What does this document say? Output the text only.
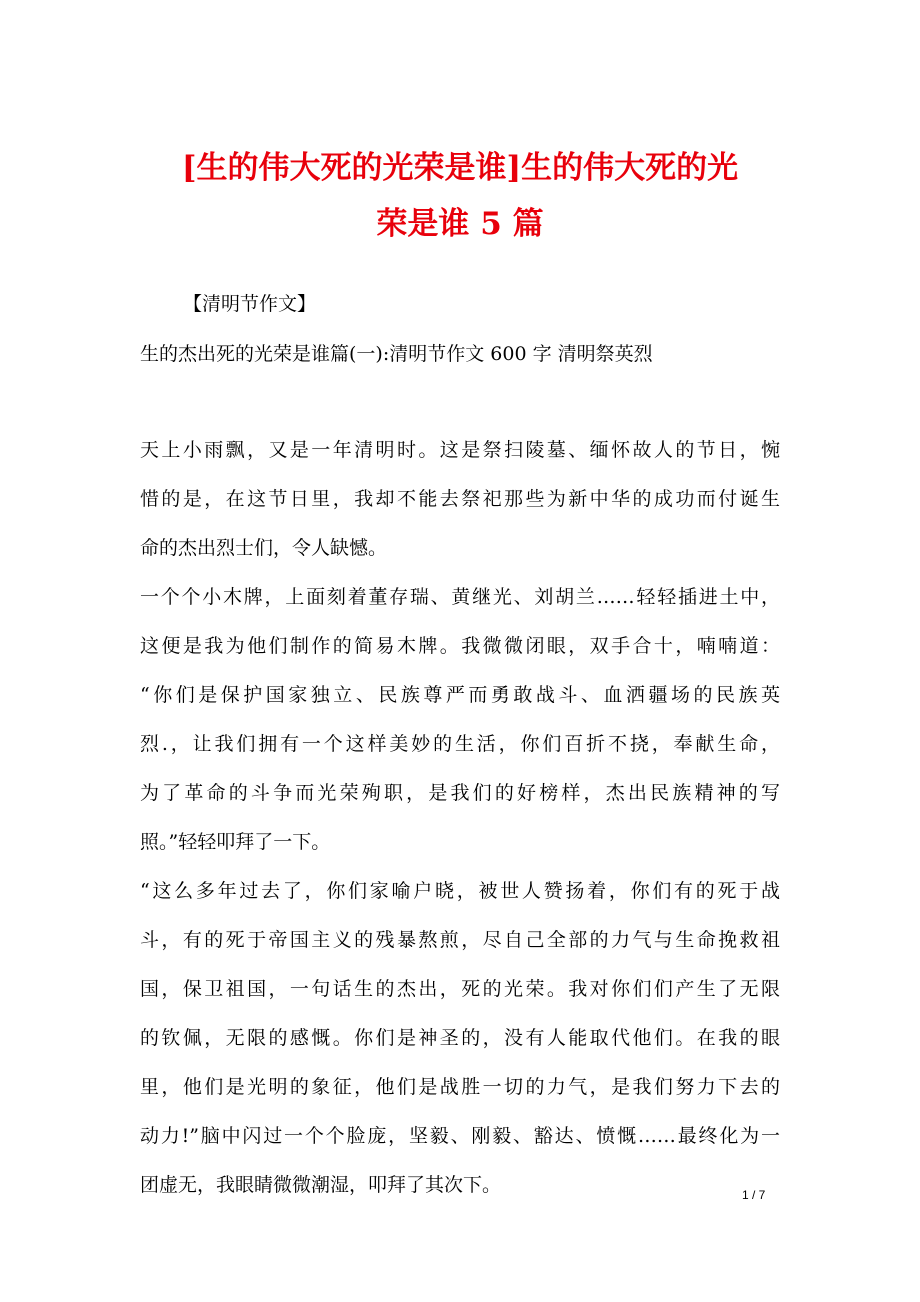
[生的伟大死的光荣是谁]生的伟大死的光
荣是谁 5 篇
【清明节作文】
生的杰出死的光荣是谁篇(一):清明节作文 600 字 清明祭英烈
天上小雨飘，又是一年清明时。这是祭扫陵墓、缅怀故人的节日，惋
惜的是，在这节日里，我却不能去祭祀那些为新中华的成功而付诞生
命的杰出烈士们，令人缺憾。
一个个小木牌，上面刻着董存瑞、黄继光、刘胡兰……轻轻插进土中，
这便是我为他们制作的简易木牌。我微微闭眼，双手合十，喃喃道：
“你们是保护国家独立、民族尊严而勇敢战斗、血洒疆场的民族英
烈.，让我们拥有一个这样美妙的生活，你们百折不挠，奉献生命，
为了革命的斗争而光荣殉职，是我们的好榜样，杰出民族精神的写
照。”轻轻叩拜了一下。
“这么多年过去了，你们家喻户晓，被世人赞扬着，你们有的死于战
斗，有的死于帝国主义的残暴熬煎，尽自己全部的力气与生命挽救祖
国，保卫祖国，一句话生的杰出，死的光荣。我对你们们产生了无限
的钦佩，无限的感慨。你们是神圣的，没有人能取代他们。在我的眼
里，他们是光明的象征，他们是战胜一切的力气，是我们努力下去的
动力!”脑中闪过一个个脸庞，坚毅、刚毅、豁达、愤慨……最终化为一
团虚无，我眼睛微微潮湿，叩拜了其次下。	1 / 7
